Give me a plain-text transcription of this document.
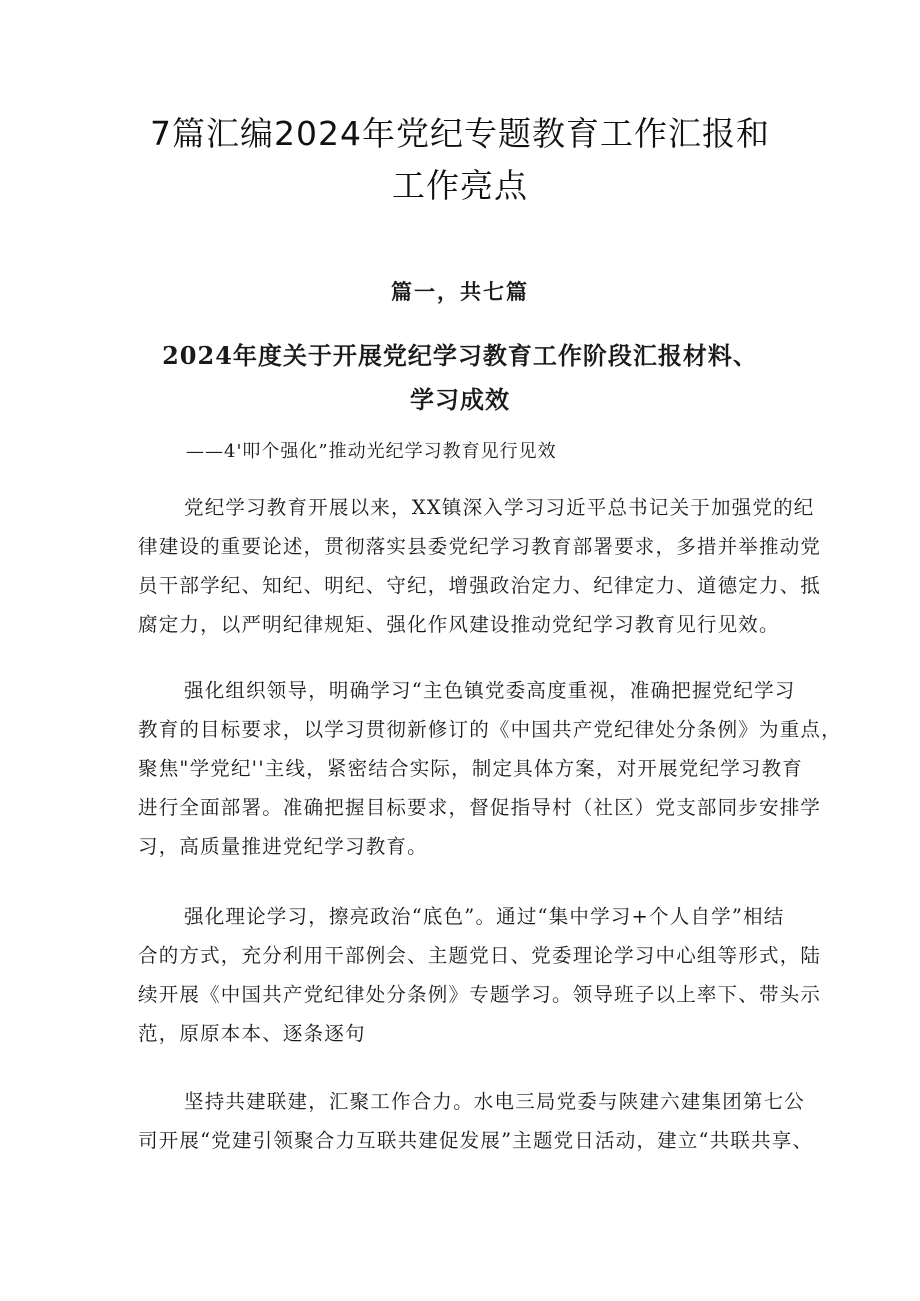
7篇汇编2024年党纪专题教育工作汇报和
工作亮点
篇一，共七篇
2024年度关于开展党纪学习教育工作阶段汇报材料、
学习成效
——4'叩个强化”推动光纪学习教育见行见效

党纪学习教育开展以来，XX镇深入学习习近平总书记关于加强党的纪
律建设的重要论述，贯彻落实县委党纪学习教育部署要求，多措并举推动党
员干部学纪、知纪、明纪、守纪，增强政治定力、纪律定力、道德定力、抵
腐定力，以严明纪律规矩、强化作风建设推动党纪学习教育见行见效。

强化组织领导，明确学习“主色镇党委高度重视，准确把握党纪学习
教育的目标要求，以学习贯彻新修订的《中国共产党纪律处分条例》为重点，
聚焦"学党纪''主线，紧密结合实际，制定具体方案，对开展党纪学习教育
进行全面部署。准确把握目标要求，督促指导村（社区）党支部同步安排学
习，高质量推进党纪学习教育。

强化理论学习，擦亮政治“底色”。通过“集中学习+个人自学”相结
合的方式，充分利用干部例会、主题党日、党委理论学习中心组等形式，陆
续开展《中国共产党纪律处分条例》专题学习。领导班子以上率下、带头示
范，原原本本、逐条逐句

坚持共建联建，汇聚工作合力。水电三局党委与陕建六建集团第七公
司开展“党建引领聚合力互联共建促发展”主题党日活动，建立“共联共享、
